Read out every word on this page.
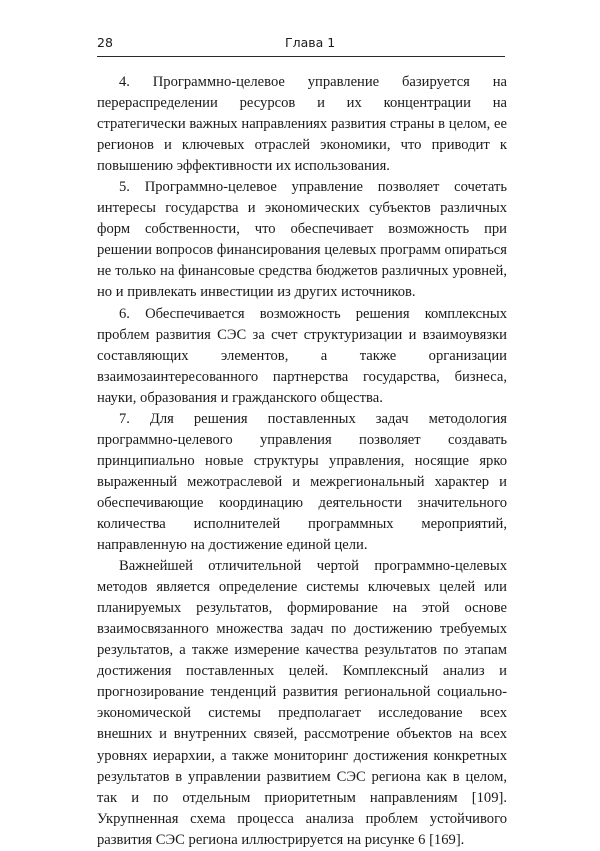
28	Глава 1

4. Программно-целевое управление базируется на перераспределении ресурсов и их концентрации на стратегически важных направлениях развития страны в целом, ее регионов и ключевых отраслей экономики, что приводит к повышению эффективности их использования.

5. Программно-целевое управление позволяет сочетать интересы государства и экономических субъектов различных форм собственности, что обеспечивает возможность при решении вопросов финансирования целевых программ опираться не только на финансовые средства бюджетов различных уровней, но и привлекать инвестиции из других источников.

6. Обеспечивается возможность решения комплексных проблем развития СЭС за счет структуризации и взаимоувязки составляющих элементов, а также организации взаимозаинтересованного партнерства государства, бизнеса, науки, образования и гражданского общества.

7. Для решения поставленных задач методология программно-целевого управления позволяет создавать принципиально новые структуры управления, носящие ярко выраженный межотраслевой и межрегиональный характер и обеспечивающие координацию деятельности значительного количества исполнителей программных мероприятий, направленную на достижение единой цели.

Важнейшей отличительной чертой программно-целевых методов является определение системы ключевых целей или планируемых результатов, формирование на этой основе взаимосвязанного множества задач по достижению требуемых результатов, а также измерение качества результатов по этапам достижения поставленных целей. Комплексный анализ и прогнозирование тенденций развития региональной социально-экономической системы предполагает исследование всех внешних и внутренних связей, рассмотрение объектов на всех уровнях иерархии, а также мониторинг достижения конкретных результатов в управлении развитием СЭС региона как в целом, так и по отдельным приоритетным направлениям [109]. Укрупненная схема процесса анализа проблем устойчивого развития СЭС региона иллюстрируется на рисунке 6 [169].
